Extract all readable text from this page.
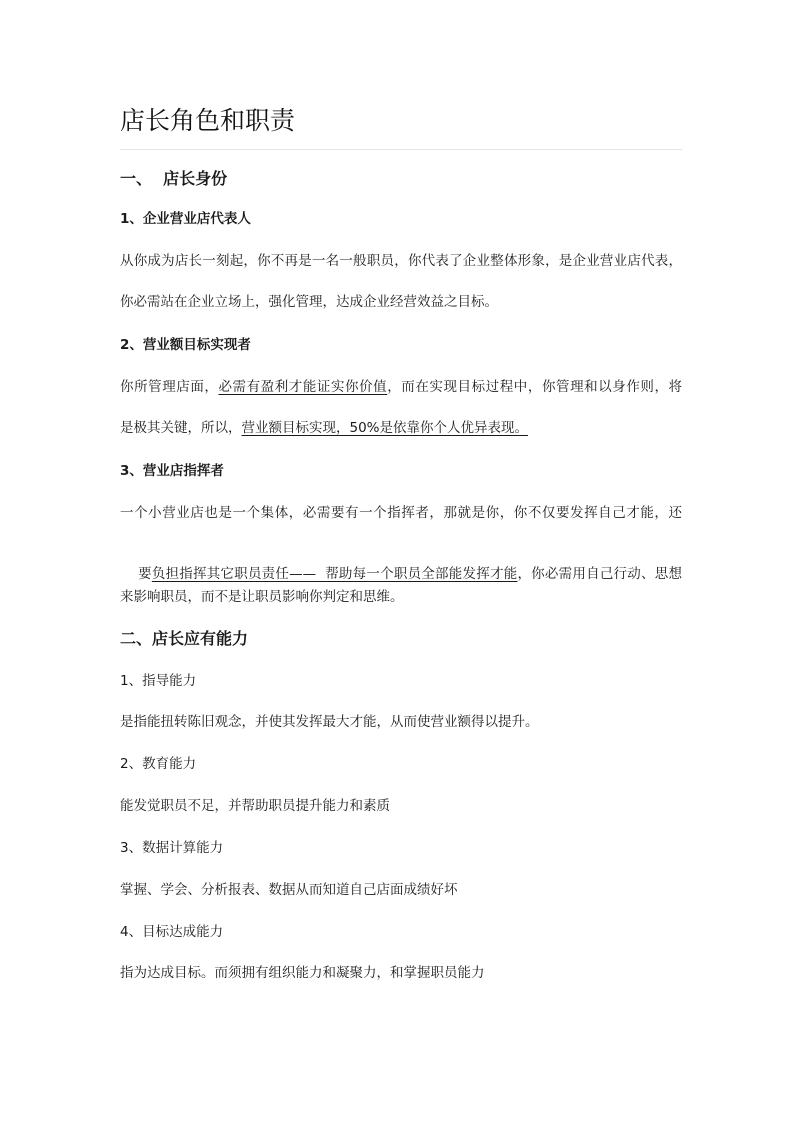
店长角色和职责
一、  店长身份
1、企业营业店代表人
从你成为店长一刻起，你不再是一名一般职员，你代表了企业整体形象，是企业营业店代表，
你必需站在企业立场上，强化管理，达成企业经营效益之目标。
2、营业额目标实现者
你所管理店面，必需有盈利才能证实你价值，而在实现目标过程中，你管理和以身作则，将
是极其关键，所以，营业额目标实现，50%是依靠你个人优异表现。
3、营业店指挥者
一个小营业店也是一个集体，必需要有一个指挥者，那就是你，你不仅要发挥自己才能，还

要负担指挥其它职员责任——  帮助每一个职员全部能发挥才能，你必需用自己行动、思想

来影响职员，而不是让职员影响你判定和思维。
二、店长应有能力
1、指导能力
是指能扭转陈旧观念，并使其发挥最大才能，从而使营业额得以提升。
2、教育能力
能发觉职员不足，并帮助职员提升能力和素质
3、数据计算能力
掌握、学会、分析报表、数据从而知道自己店面成绩好坏
4、目标达成能力
指为达成目标。而须拥有组织能力和凝聚力，和掌握职员能力
